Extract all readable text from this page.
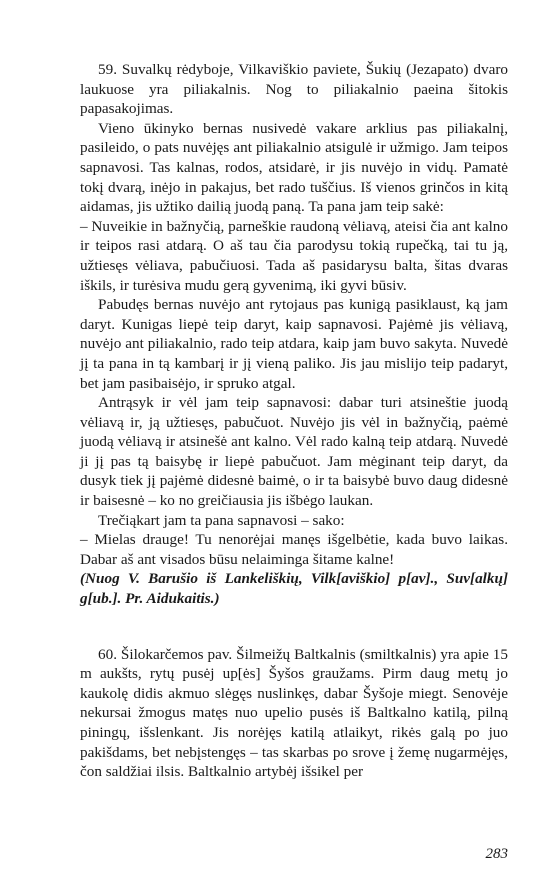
59. Suvalkų rėdyboje, Vilkaviškio paviete, Šukių (Jezapato) dvaro laukuose yra piliakalnis. Nog to piliakalnio paeina šitokis papasakojimas.

Vieno ūkinyko bernas nusivedė vakare arklius pas piliakalnį, pasileido, o pats nuvėjęs ant piliakalnio atsigulė ir užmigo. Jam teipos sapnavosi. Tas kalnas, rodos, atsidarė, ir jis nuvėjo in vidų. Pamatė tokį dvarą, inėjo in pakajus, bet rado tuščius. Iš vienos grinčos in kitą aidamas, jis užtiko dailią juodą paną. Ta pana jam teip sakė:

– Nuveikie in bažnyčią, parneškie raudoną vėliavą, ateisi čia ant kalno ir teipos rasi atdarą. O aš tau čia parodysu tokią rupečką, tai tu ją, užtiesęs vėliava, pabučiuosi. Tada aš pasidarysu balta, šitas dvaras iškils, ir turėsiva mudu gerą gyvenimą, iki gyvi būsiv.

Pabudęs bernas nuvėjo ant rytojaus pas kunigą pasiklaust, ką jam daryt. Kunigas liepė teip daryt, kaip sapnavosi. Pajėmė jis vėliavą, nuvėjo ant piliakalnio, rado teip atdara, kaip jam buvo sakyta. Nuvedė jį ta pana in tą kambarį ir jį vieną paliko. Jis jau mislijo teip padaryt, bet jam pasibaisėjo, ir spruko atgal.

Antrąsyk ir vėl jam teip sapnavosi: dabar turi atsineštie juodą vėliavą ir, ją užtiesęs, pabučuot. Nuvėjo jis vėl in bažnyčią, paėmė juodą vėliavą ir atsinešė ant kalno. Vėl rado kalną teip atdarą. Nuvedė ji jį pas tą baisybę ir liepė pabučuot. Jam mėginant teip daryt, da dusyk tiek jį pajėmė didesnė baimė, o ir ta baisybė buvo daug didesnė ir baisesnė – ko no greičiausia jis išbėgo laukan.

Trečiąkart jam ta pana sapnavosi – sako:

– Mielas drauge! Tu nenorėjai manęs išgelbėtie, kada buvo laikas. Dabar aš ant visados būsu nelaiminga šitame kalne!

(Nuog V. Barušio iš Lankeliškių, Vilk[aviškio] p[av]., Suv[alkų] g[ub.]. Pr. Aidukaitis.)

60. Šilokarčemos pav. Šilmeižų Baltkalnis (smiltkalnis) yra apie 15 m aukšts, rytų pusėj up[ės] Šyšos graužams. Pirm daug metų jo kaukolę didis akmuo slėgęs nuslinkęs, dabar Šyšoje miegt. Senovėje nekursai žmogus matęs nuo upelio pusės iš Baltkalno katilą, pilną piningų, išslenkant. Jis norėjęs katilą atlaikyt, rikės galą po juo pakišdams, bet nebįstengęs – tas skarbas po srove į žemę nugarmėjęs, čon saldžiai ilsis. Baltkalnio artybėj išsikel per

283
